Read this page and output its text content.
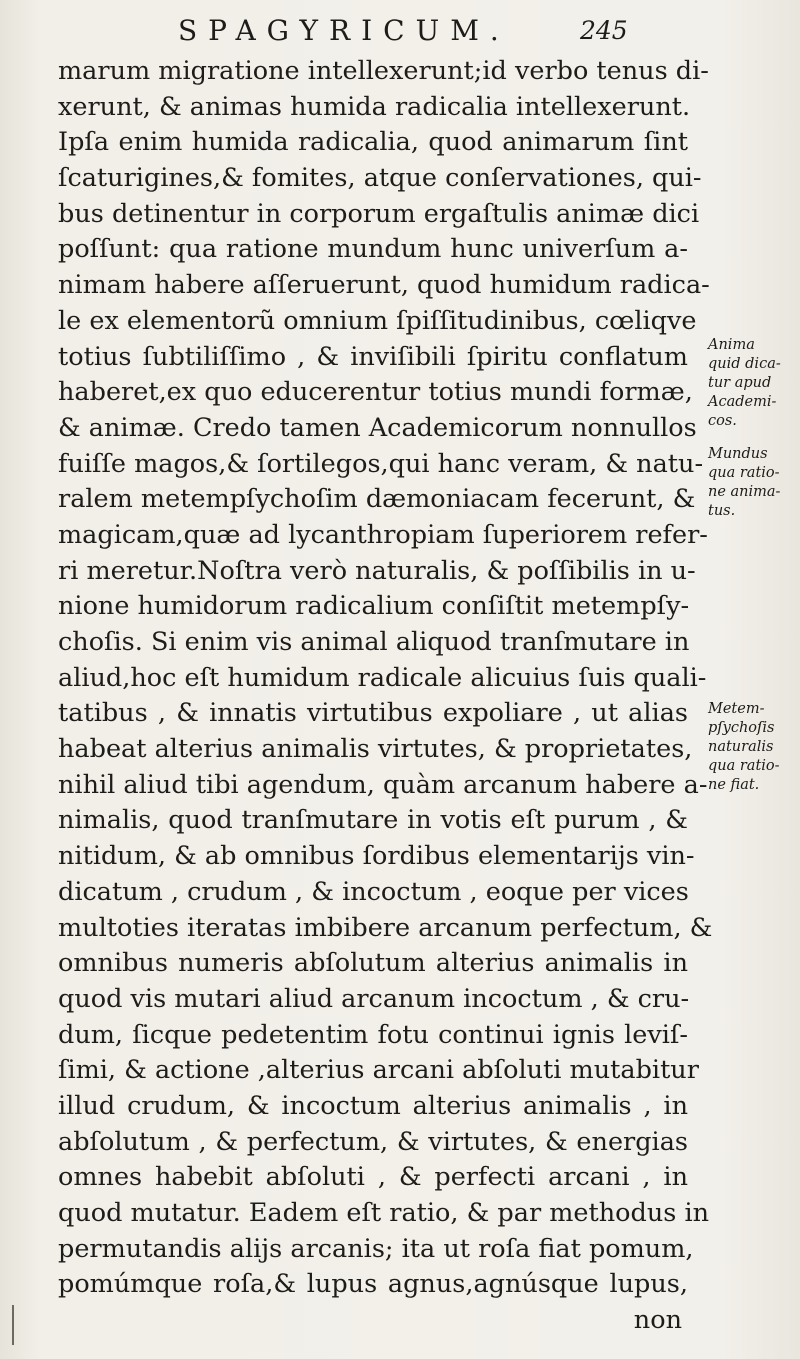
SPAGYRICUM.	245
marum migratione intellexerunt;id verbo tenus di-
xerunt, & animas humida radicalia intellexerunt.
Ipſa enim humida radicalia, quod animarum ſint
ſcaturigines,& fomites, atque conſervationes, qui-
bus detinentur in corporum ergaſtulis animæ dici
poſſunt: qua ratione mundum hunc univerſum a-
nimam habere aſſeruerunt, quod humidum radica-
le ex elementorũ omnium ſpiſſitudinibus, cœliqve
totius ſubtiliſſimo , & inviſibili ſpiritu conflatum
haberet,ex quo educerentur totius mundi formæ,
& animæ. Credo tamen Academicorum nonnullos
fuiſſe magos,& ſortilegos,qui hanc veram, & natu-
ralem metempſychoſim dæmoniacam fecerunt, &
magicam,quæ ad lycanthropiam ſuperiorem refer-
ri meretur.Noſtra verò naturalis, & poſſibilis in u-
nione humidorum radicalium conſiſtit metempſy-
choſis. Si enim vis animal aliquod tranſmutare in
aliud,hoc eſt humidum radicale alicuius ſuis quali-
tatibus , & innatis virtutibus expoliare , ut alias
habeat alterius animalis virtutes, & proprietates,
nihil aliud tibi agendum, quàm arcanum habere a-
nimalis, quod tranſmutare in votis eſt purum , &
nitidum, & ab omnibus ſordibus elementarijs vin-
dicatum , crudum , & incoctum , eoque per vices
multoties iteratas imbibere arcanum perfectum, &
omnibus numeris abſolutum alterius animalis in
quod vis mutari aliud arcanum incoctum , & cru-
dum, ſicque pedetentim fotu continui ignis leviſ-
ſimi, & actione ,alterius arcani abſoluti mutabitur
illud crudum, & incoctum alterius animalis , in
abſolutum , & perfectum, & virtutes, & energias
omnes habebit abſoluti , & perfecti arcani , in
quod mutatur. Eadem eſt ratio, & par methodus in
permutandis alijs arcanis; ita ut roſa fiat pomum,
pomúmque roſa,& lupus agnus,agnúsque lupus,
non
Anima
quid dica-
tur apud
Academi-
cos.
Mundus
qua ratio-
ne anima-
tus.
Metem-
pſychoſis
naturalis
qua ratio-
ne fiat.
